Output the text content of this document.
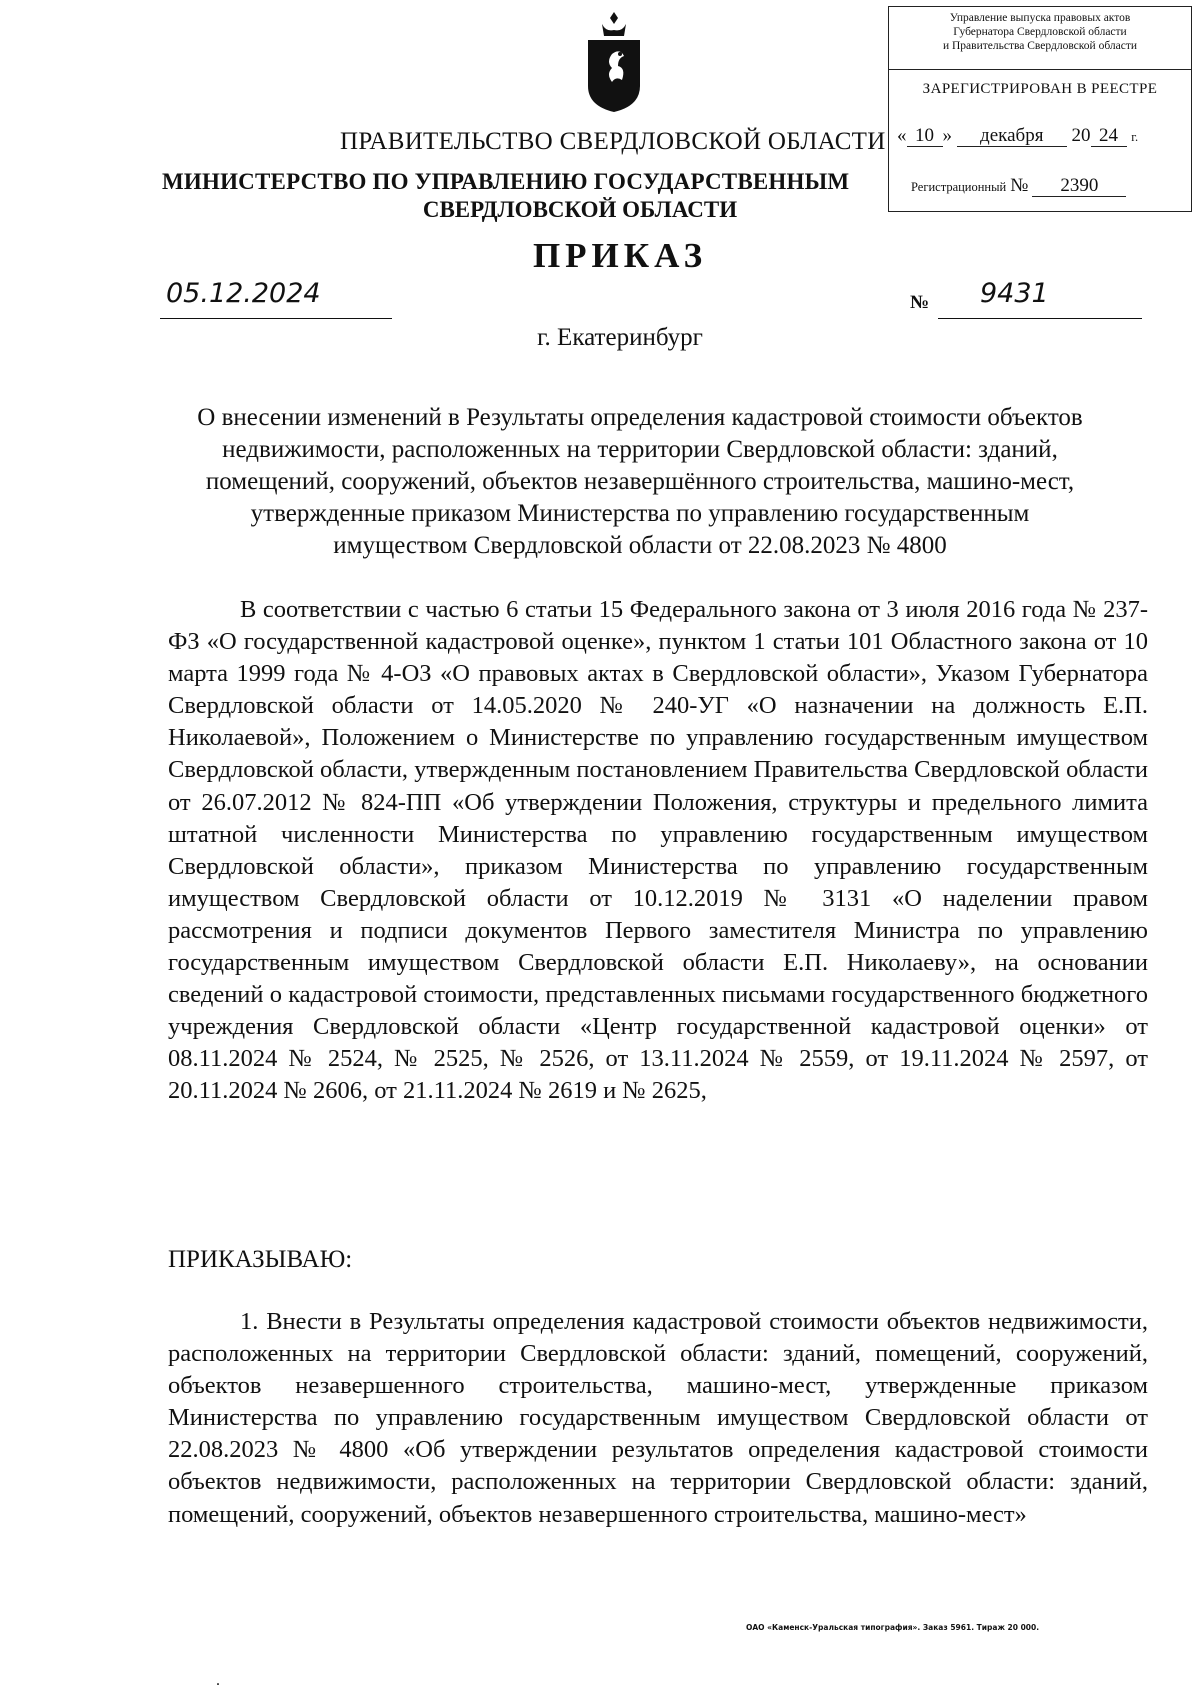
Управление выпуска правовых актов
Губернатора Свердловской области
и Правительства Свердловской области
ЗАРЕГИСТРИРОВАН В РЕЕСТРЕ
« 10 » декабря 20 24 г.
Регистрационный № 2390
ПРАВИТЕЛЬСТВО СВЕРДЛОВСКОЙ ОБЛАСТИ
МИНИСТЕРСТВО ПО УПРАВЛЕНИЮ ГОСУДАРСТВЕННЫМ
СВЕРДЛОВСКОЙ ОБЛАСТИ
ПРИКАЗ
05.12.2024	№ 9431
г. Екатеринбург
О внесении изменений в Результаты определения кадастровой стоимости объектов недвижимости, расположенных на территории Свердловской области: зданий, помещений, сооружений, объектов незавершённого строительства, машино-мест, утвержденные приказом Министерства по управлению государственным имуществом Свердловской области от 22.08.2023 № 4800
В соответствии с частью 6 статьи 15 Федерального закона от 3 июля 2016 года № 237-ФЗ «О государственной кадастровой оценке», пунктом 1 статьи 101 Областного закона от 10 марта 1999 года № 4-ОЗ «О правовых актах в Свердловской области», Указом Губернатора Свердловской области от 14.05.2020 № 240-УГ «О назначении на должность Е.П. Николаевой», Положением о Министерстве по управлению государственным имуществом Свердловской области, утвержденным постановлением Правительства Свердловской области от 26.07.2012 № 824-ПП «Об утверждении Положения, структуры и предельного лимита штатной численности Министерства по управлению государственным имуществом Свердловской области», приказом Министерства по управлению государственным имуществом Свердловской области от 10.12.2019 № 3131 «О наделении правом рассмотрения и подписи документов Первого заместителя Министра по управлению государственным имуществом Свердловской области Е.П. Николаеву», на основании сведений о кадастровой стоимости, представленных письмами государственного бюджетного учреждения Свердловской области «Центр государственной кадастровой оценки» от 08.11.2024 № 2524, № 2525, № 2526, от 13.11.2024 № 2559, от 19.11.2024 № 2597, от 20.11.2024 № 2606, от 21.11.2024 № 2619 и № 2625,
ПРИКАЗЫВАЮ:
1. Внести в Результаты определения кадастровой стоимости объектов недвижимости, расположенных на территории Свердловской области: зданий, помещений, сооружений, объектов незавершенного строительства, машино-мест, утвержденные приказом Министерства по управлению государственным имуществом Свердловской области от 22.08.2023 № 4800 «Об утверждении результатов определения кадастровой стоимости объектов недвижимости, расположенных на территории Свердловской области: зданий, помещений, сооружений, объектов незавершенного строительства, машино-мест»
ОАО «Каменск-Уральская типография». Заказ 5961. Тираж 20 000.
.
